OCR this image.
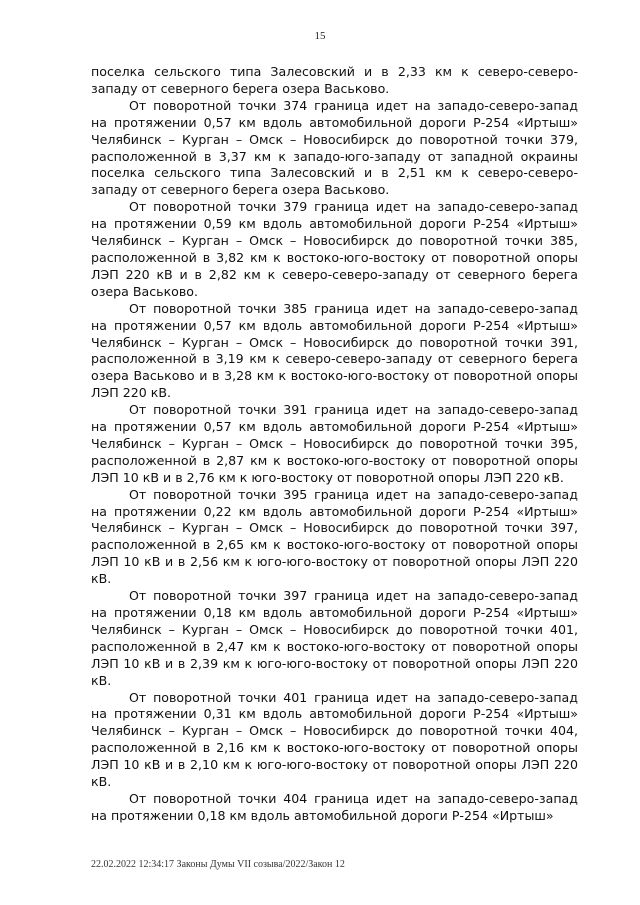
15

поселка сельского типа Залесовский и в 2,33 км к северо-северо-западу от северного берега озера Васьково.

От поворотной точки 374 граница идет на западо-северо-запад на протяжении 0,57 км вдоль автомобильной дороги Р-254 «Иртыш» Челябинск – Курган – Омск – Новосибирск до поворотной точки 379, расположенной в 3,37 км к западо-юго-западу от западной окраины поселка сельского типа Залесовский и в 2,51 км к северо-северо-западу от северного берега озера Васьково.

От поворотной точки 379 граница идет на западо-северо-запад на протяжении 0,59 км вдоль автомобильной дороги Р-254 «Иртыш» Челябинск – Курган – Омск – Новосибирск до поворотной точки 385, расположенной в 3,82 км к востоко-юго-востоку от поворотной опоры ЛЭП 220 кВ и в 2,82 км к северо-северо-западу от северного берега озера Васьково.

От поворотной точки 385 граница идет на западо-северо-запад на протяжении 0,57 км вдоль автомобильной дороги Р-254 «Иртыш» Челябинск – Курган – Омск – Новосибирск до поворотной точки 391, расположенной в 3,19 км к северо-северо-западу от северного берега озера Васьково и в 3,28 км к востоко-юго-востоку от поворотной опоры ЛЭП 220 кВ.

От поворотной точки 391 граница идет на западо-северо-запад на протяжении 0,57 км вдоль автомобильной дороги Р-254 «Иртыш» Челябинск – Курган – Омск – Новосибирск до поворотной точки 395, расположенной в 2,87 км к востоко-юго-востоку от поворотной опоры ЛЭП 10 кВ и в 2,76 км к юго-востоку от поворотной опоры ЛЭП 220 кВ.

От поворотной точки 395 граница идет на западо-северо-запад на протяжении 0,22 км вдоль автомобильной дороги Р-254 «Иртыш» Челябинск – Курган – Омск – Новосибирск до поворотной точки 397, расположенной в 2,65 км к востоко-юго-востоку от поворотной опоры ЛЭП 10 кВ и в 2,56 км к юго-юго-востоку от поворотной опоры ЛЭП 220 кВ.

От поворотной точки 397 граница идет на западо-северо-запад на протяжении 0,18 км вдоль автомобильной дороги Р-254 «Иртыш» Челябинск – Курган – Омск – Новосибирск до поворотной точки 401, расположенной в 2,47 км к востоко-юго-востоку от поворотной опоры ЛЭП 10 кВ и в 2,39 км к юго-юго-востоку от поворотной опоры ЛЭП 220 кВ.

От поворотной точки 401 граница идет на западо-северо-запад на протяжении 0,31 км вдоль автомобильной дороги Р-254 «Иртыш» Челябинск – Курган – Омск – Новосибирск до поворотной точки 404, расположенной в 2,16 км к востоко-юго-востоку от поворотной опоры ЛЭП 10 кВ и в 2,10 км к юго-юго-востоку от поворотной опоры ЛЭП 220 кВ.

От поворотной точки 404 граница идет на западо-северо-запад на протяжении 0,18 км вдоль автомобильной дороги Р-254 «Иртыш»

22.02.2022 12:34:17 Законы Думы VII созыва/2022/Закон 12
